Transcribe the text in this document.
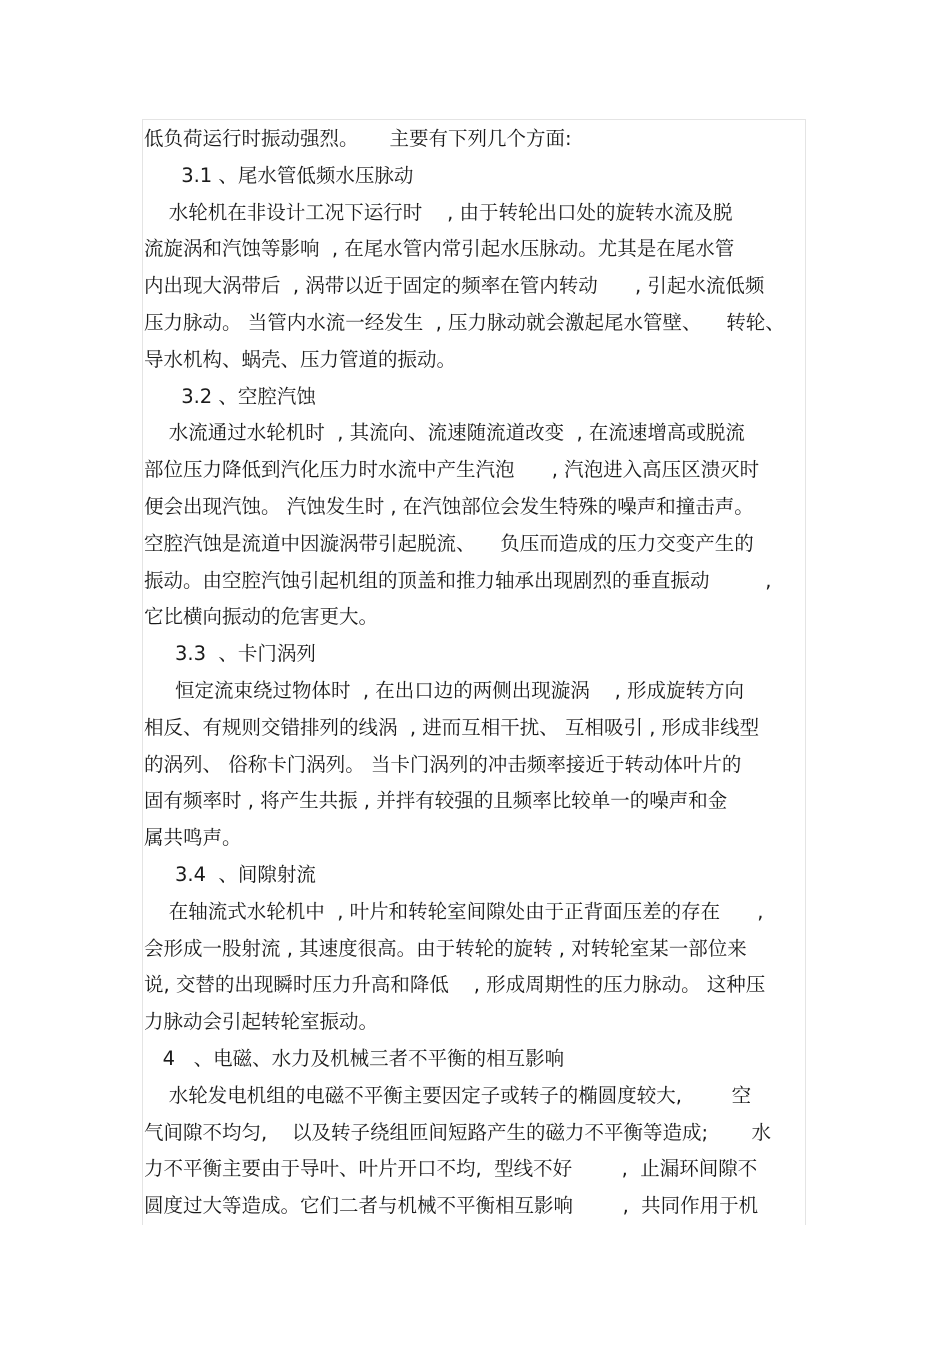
低负荷运行时振动强烈。     主要有下列几个方面:
3.1 、尾水管低频水压脉动
水轮机在非设计工况下运行时    , 由于转轮出口处的旋转水流及脱
流旋涡和汽蚀等影响  , 在尾水管内常引起水压脉动。尤其是在尾水管
内出现大涡带后  , 涡带以近于固定的频率在管内转动      , 引起水流低频
压力脉动。 当管内水流一经发生  , 压力脉动就会激起尾水管壁、    转轮、
导水机构、蜗壳、压力管道的振动。
3.2 、空腔汽蚀
水流通过水轮机时  , 其流向、流速随流道改变  , 在流速增高或脱流
部位压力降低到汽化压力时水流中产生汽泡      , 汽泡进入高压区溃灭时
便会出现汽蚀。 汽蚀发生时 , 在汽蚀部位会发生特殊的噪声和撞击声。
空腔汽蚀是流道中因漩涡带引起脱流、    负压而造成的压力交变产生的
振动。由空腔汽蚀引起机组的顶盖和推力轴承出现剧烈的垂直振动         ,
它比横向振动的危害更大。
3.3  、卡门涡列
恒定流束绕过物体时  , 在出口边的两侧出现漩涡    , 形成旋转方向
相反、有规则交错排列的线涡  , 进而互相干扰、 互相吸引 , 形成非线型
的涡列、 俗称卡门涡列。 当卡门涡列的冲击频率接近于转动体叶片的
固有频率时 , 将产生共振 , 并拌有较强的且频率比较单一的噪声和金
属共鸣声。
3.4  、间隙射流
在轴流式水轮机中  , 叶片和转轮室间隙处由于正背面压差的存在      ,
会形成一股射流 , 其速度很高。由于转轮的旋转 , 对转轮室某一部位来
说, 交替的出现瞬时压力升高和降低    , 形成周期性的压力脉动。 这种压
力脉动会引起转轮室振动。
4   、电磁、水力及机械三者不平衡的相互影响
水轮发电机组的电磁不平衡主要因定子或转子的椭圆度较大,        空
气间隙不均匀,    以及转子绕组匝间短路产生的磁力不平衡等造成;       水
力不平衡主要由于导叶、叶片开口不均,  型线不好        ,  止漏环间隙不
圆度过大等造成。它们二者与机械不平衡相互影响        ,  共同作用于机
